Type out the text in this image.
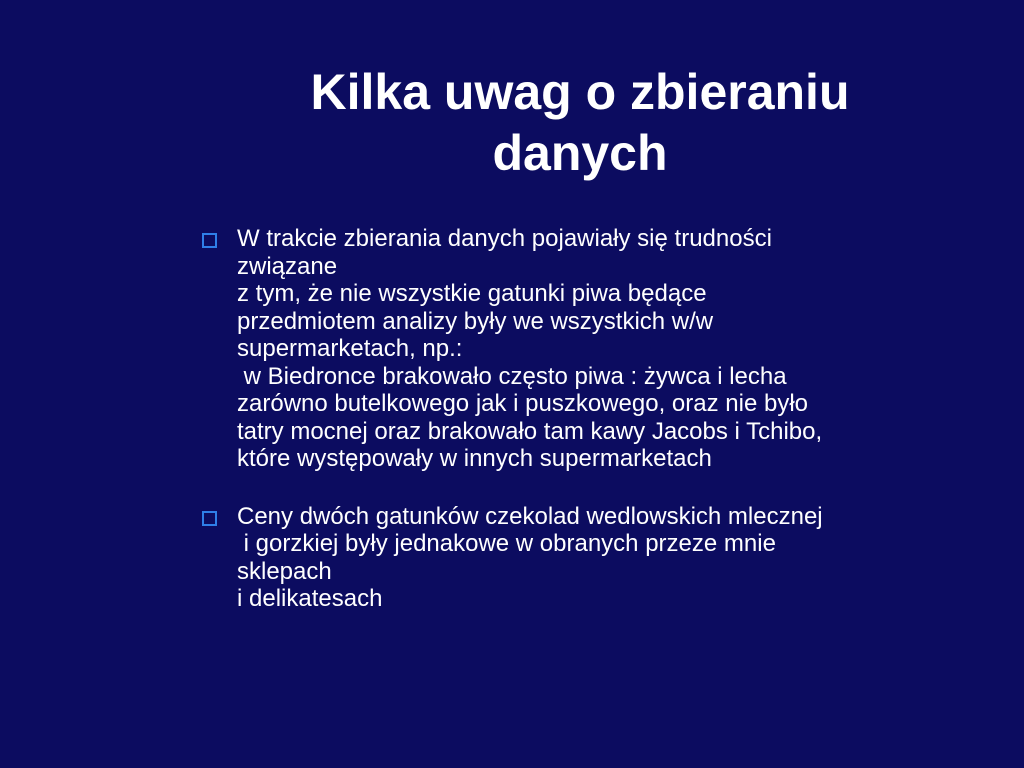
Kilka uwag o zbieraniu
danych
W trakcie zbierania danych pojawiały się trudności
związane
z tym, że nie wszystkie gatunki piwa będące
przedmiotem analizy były we wszystkich w/w
supermarketach, np.:
w Biedronce brakowało często piwa : żywca i lecha
zarówno butelkowego jak i puszkowego, oraz nie było
tatry mocnej oraz brakowało tam kawy Jacobs i Tchibo,
które występowały w innych supermarketach
Ceny dwóch gatunków czekolad wedlowskich mlecznej
i gorzkiej były jednakowe w obranych przeze mnie
sklepach
i delikatesach
